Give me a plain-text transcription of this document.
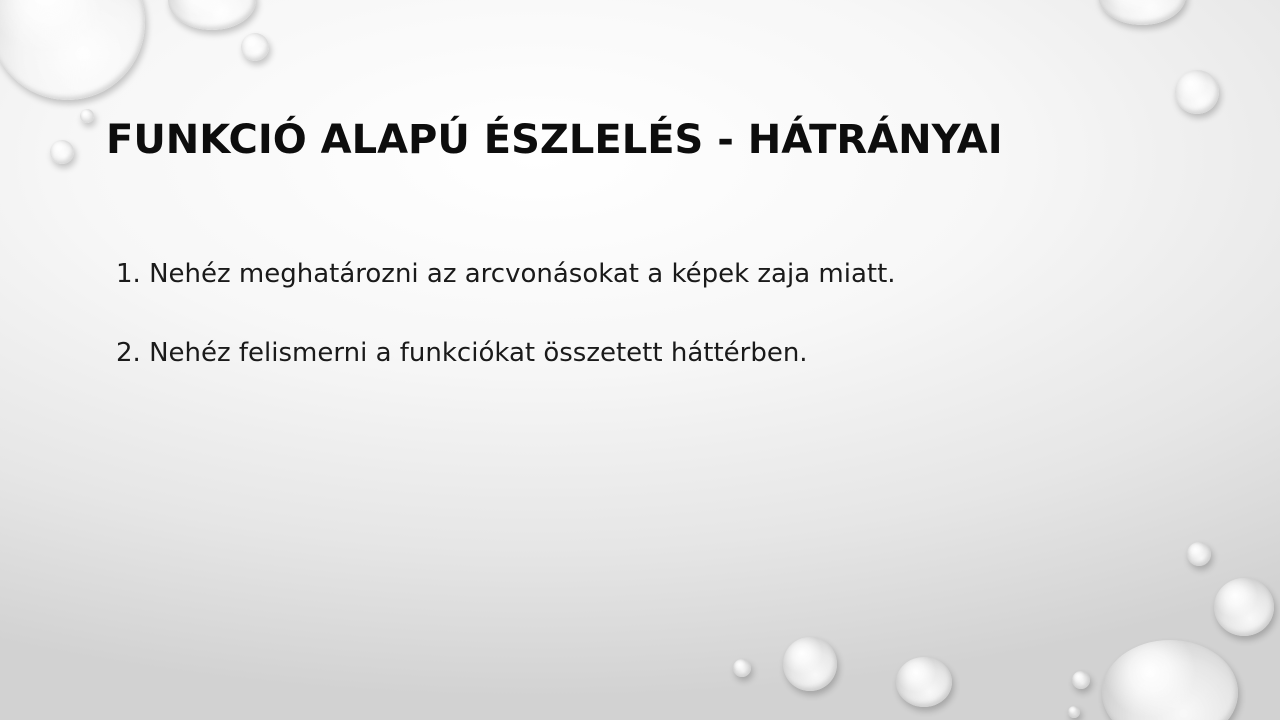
FUNKCIÓ ALAPÚ ÉSZLELÉS - HÁTRÁNYAI
1. Nehéz meghatározni az arcvonásokat a képek zaja miatt.
2. Nehéz felismerni a funkciókat összetett háttérben.
